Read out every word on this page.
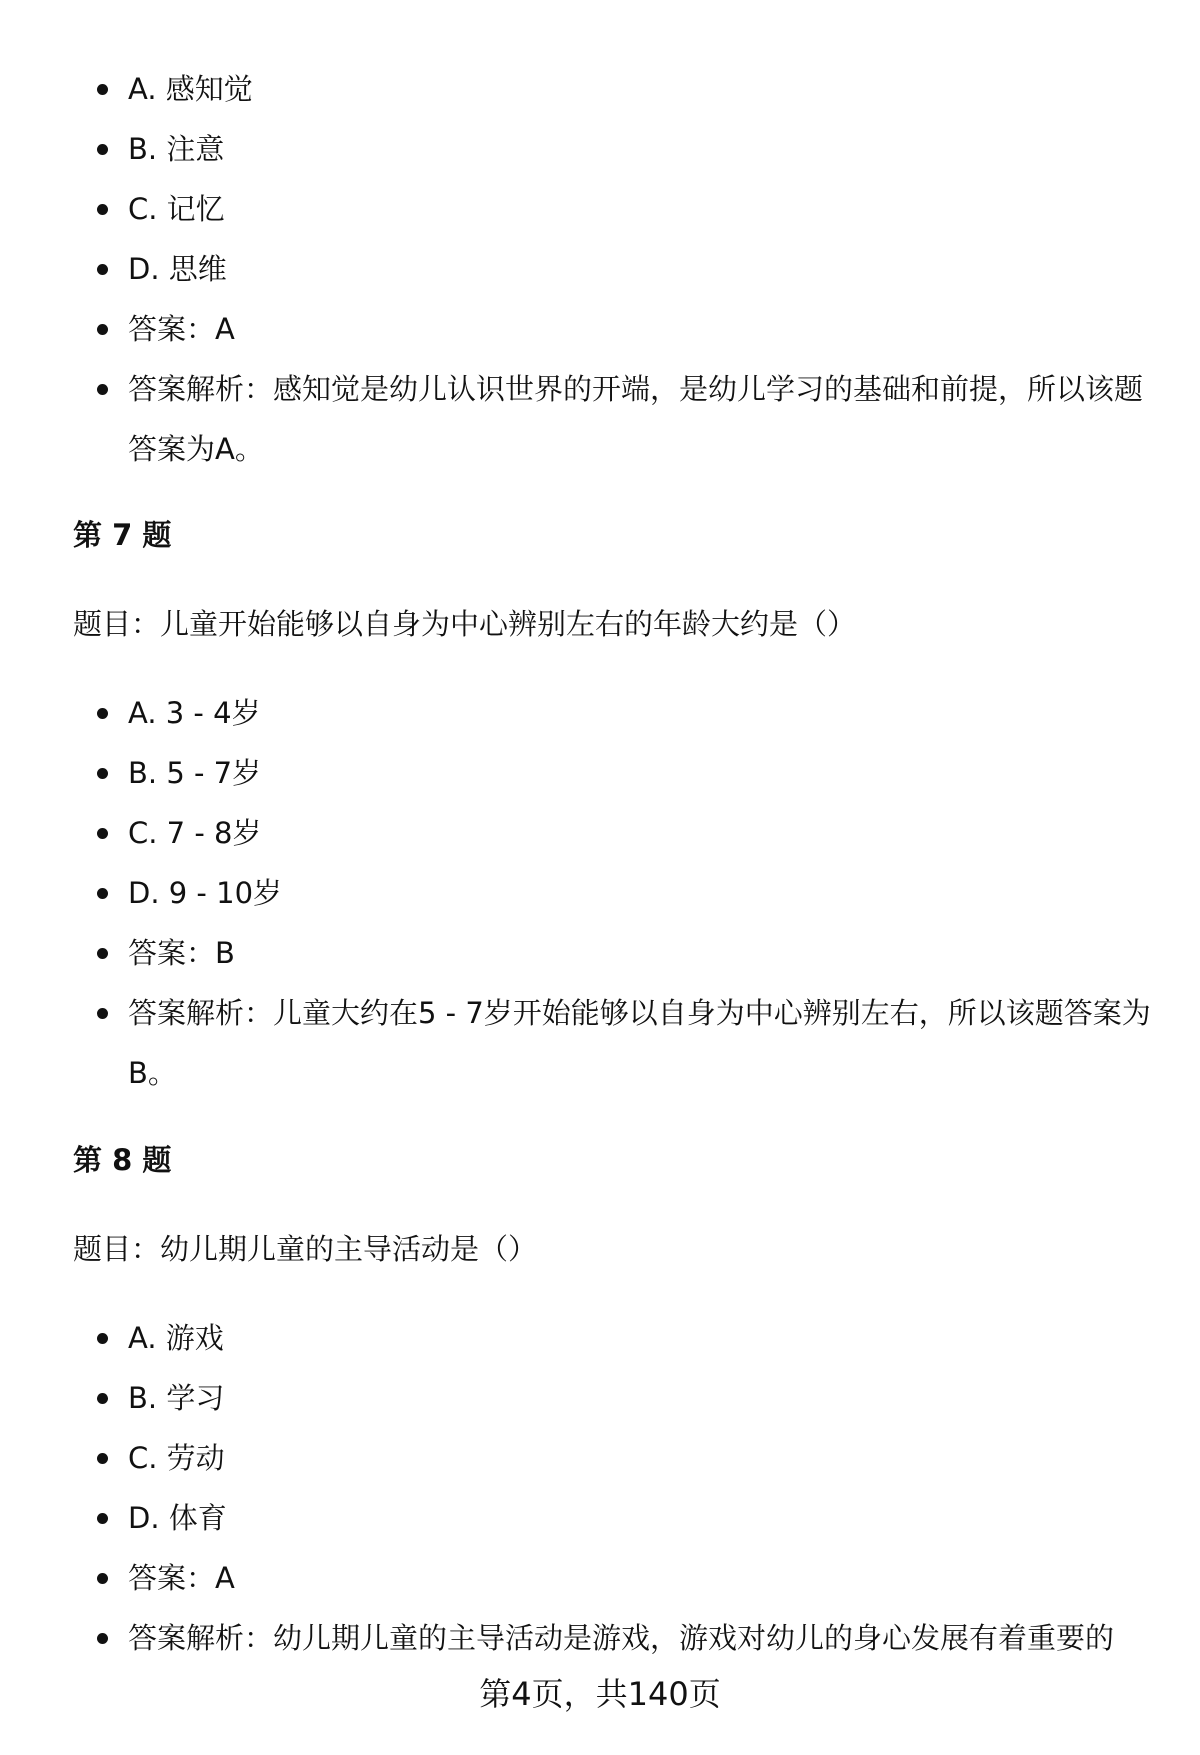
A. 感知觉
B. 注意
C. 记忆
D. 思维
答案：A
答案解析：感知觉是幼儿认识世界的开端，是幼儿学习的基础和前提，所以该题答案为A。
第 7 题
题目：儿童开始能够以自身为中心辨别左右的年龄大约是（）
A. 3 - 4岁
B. 5 - 7岁
C. 7 - 8岁
D. 9 - 10岁
答案：B
答案解析：儿童大约在5 - 7岁开始能够以自身为中心辨别左右，所以该题答案为B。
第 8 题
题目：幼儿期儿童的主导活动是（）
A. 游戏
B. 学习
C. 劳动
D. 体育
答案：A
答案解析：幼儿期儿童的主导活动是游戏，游戏对幼儿的身心发展有着重要的
第4页，共140页
